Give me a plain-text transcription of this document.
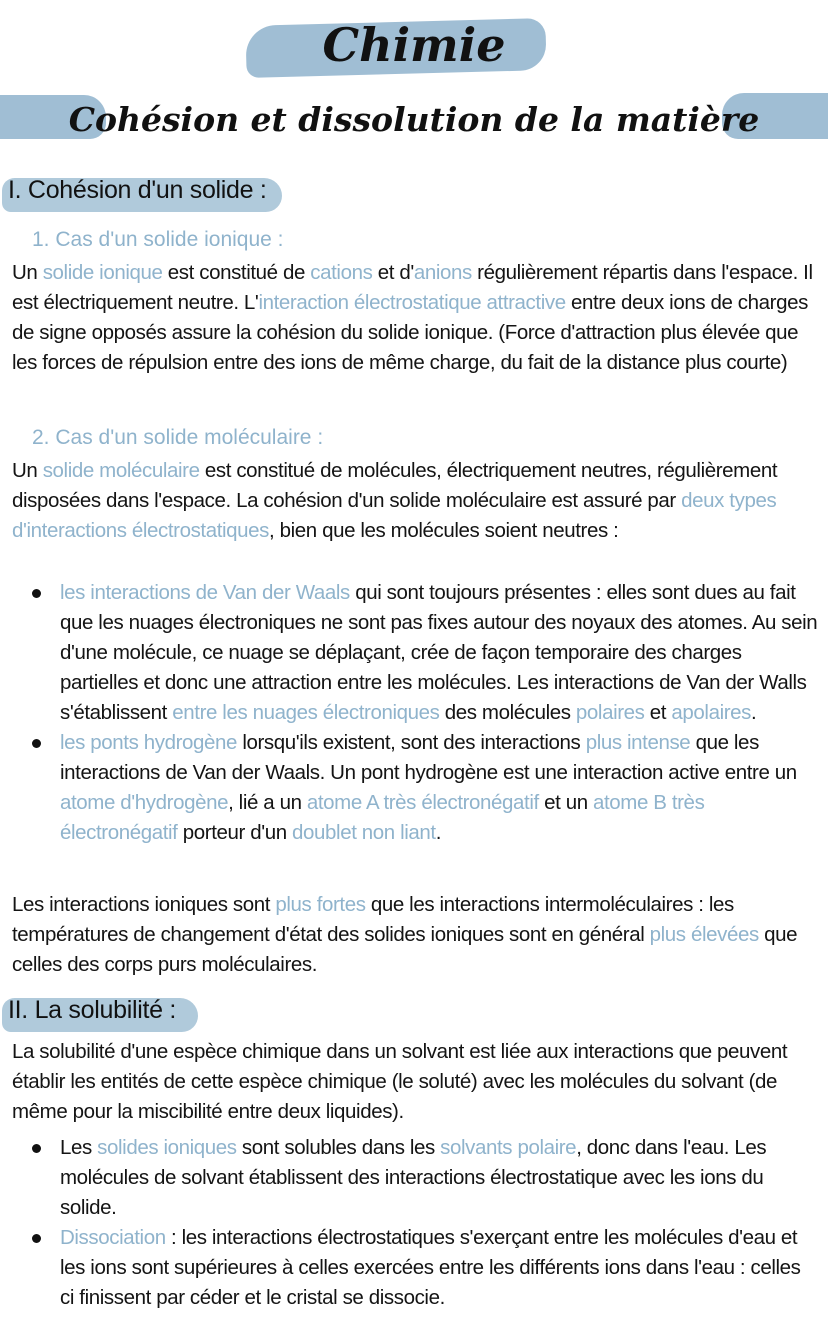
Chimie
Cohésion et dissolution de la matière
I. Cohésion d'un solide :
1. Cas d'un solide ionique :
Un solide ionique est constitué de cations et d'anions régulièrement répartis dans l'espace. Il est électriquement neutre. L'interaction électrostatique attractive entre deux ions de charges de signe opposés assure la cohésion du solide ionique. (Force d'attraction plus élevée que les forces de répulsion entre des ions de même charge, du fait de la distance plus courte)
2. Cas d'un solide moléculaire :
Un solide moléculaire est constitué de molécules, électriquement neutres, régulièrement disposées dans l'espace. La cohésion d'un solide moléculaire est assuré par deux types d'interactions électrostatiques, bien que les molécules soient neutres :
les interactions de Van der Waals qui sont toujours présentes : elles sont dues au fait que les nuages électroniques ne sont pas fixes autour des noyaux des atomes. Au sein d'une molécule, ce nuage se déplaçant, crée de façon temporaire des charges partielles et donc une attraction entre les molécules. Les interactions de Van der Walls s'établissent entre les nuages électroniques des molécules polaires et apolaires.
les ponts hydrogène lorsqu'ils existent, sont des interactions plus intense que les interactions de Van der Waals. Un pont hydrogène est une interaction active entre un atome d'hydrogène, lié a un atome A très électronégatif et un atome B très électronégatif porteur d'un doublet non liant.
Les interactions ioniques sont plus fortes que les interactions intermoléculaires : les températures de changement d'état des solides ioniques sont en général plus élevées que celles des corps purs moléculaires.
II. La solubilité :
La solubilité d'une espèce chimique dans un solvant est liée aux interactions que peuvent établir les entités de cette espèce chimique (le soluté) avec les molécules du solvant (de même pour la miscibilité entre deux liquides).
Les solides ioniques sont solubles dans les solvants polaire, donc dans l'eau. Les molécules de solvant établissent des interactions électrostatique avec les ions du solide.
Dissociation : les interactions électrostatiques s'exerçant entre les molécules d'eau et les ions sont supérieures à celles exercées entre les différents ions dans l'eau : celles ci finissent par céder et le cristal se dissocie.
